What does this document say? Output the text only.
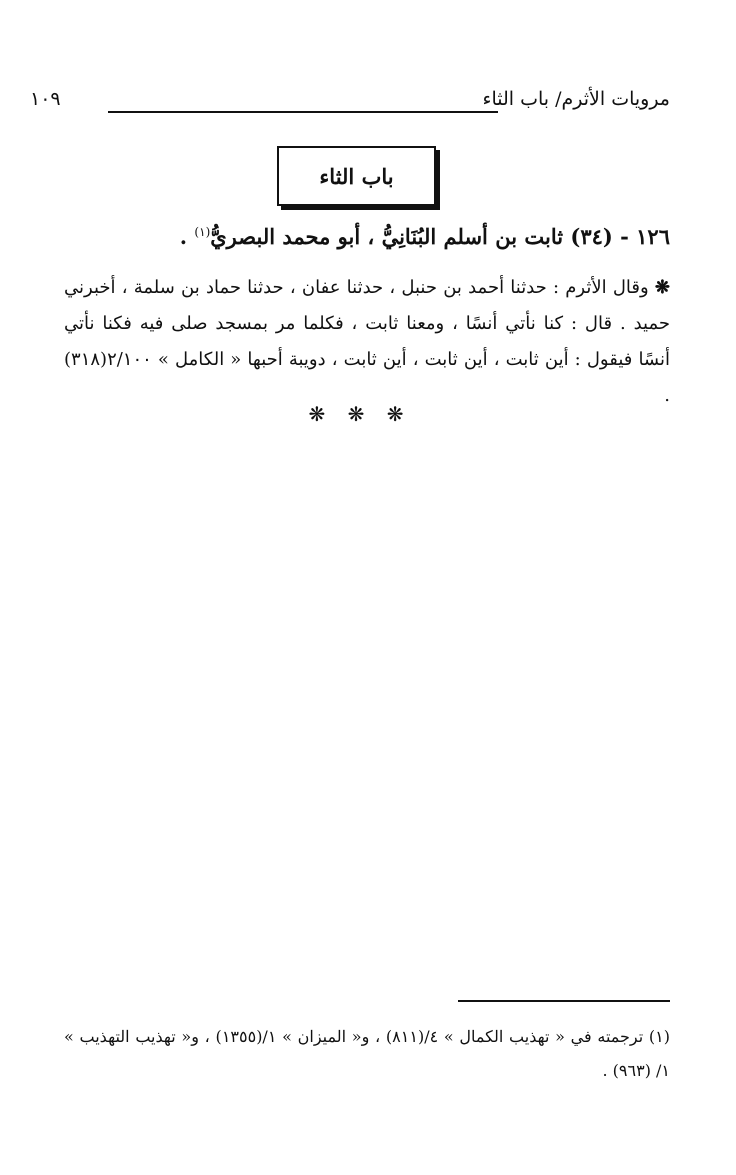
مرويات الأثرم/ باب الثاء
١٠٩
باب الثاء
١٢٦ - (٣٤) ثابت بن أسلم البُنَانِيُّ ، أبو محمد البصريُّ$^{(١)}$ .
❋ وقال الأثرم : حدثنا أحمد بن حنبل ، حدثنا عفان ، حدثنا حماد بن سلمة ، أخبرني حميد . قال : كنا نأتي أنسًا ، ومعنا ثابت ، فكلما مر بمسجد صلى فيه فكنا نأتي أنسًا فيقول : أين ثابت ، أين ثابت ، أين ثابت ، دويبة أحبها « الكامل » ٢/١٠٠(٣١٨) .
❋ ❋ ❋
(١) ترجمته في « تهذيب الكمال » ٤/(٨١١) ، و« الميزان » ١/(١٣٥٥) ، و« تهذيب التهذيب » ١/ (٩٦٣) .
